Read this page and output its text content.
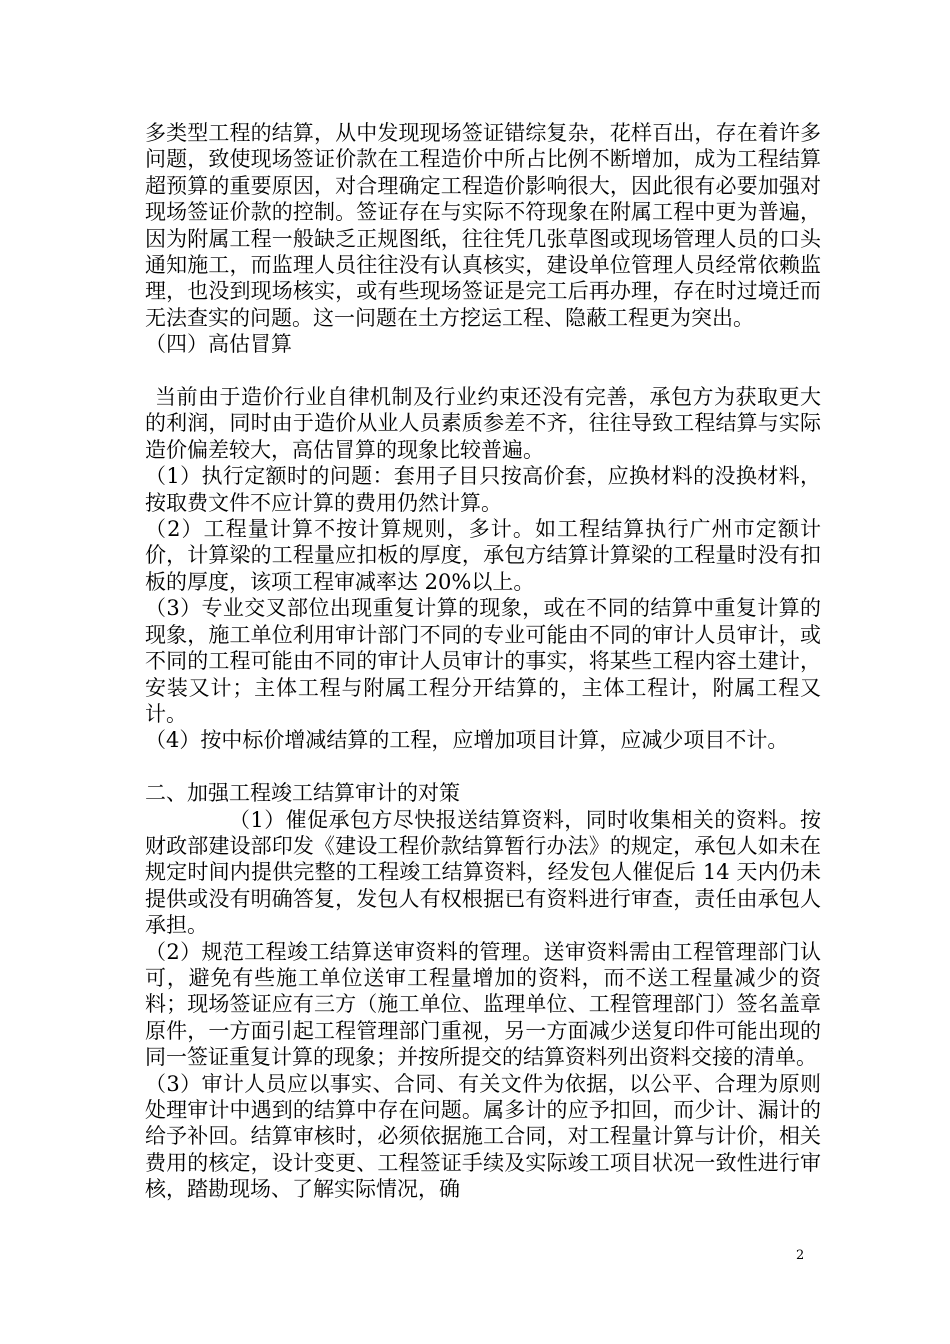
多类型工程的结算，从中发现现场签证错综复杂，花样百出，存在着许多问题，致使现场签证价款在工程造价中所占比例不断增加，成为工程结算超预算的重要原因，对合理确定工程造价影响很大，因此很有必要加强对现场签证价款的控制。签证存在与实际不符现象在附属工程中更为普遍，因为附属工程一般缺乏正规图纸，往往凭几张草图或现场管理人员的口头通知施工，而监理人员往往没有认真核实，建设单位管理人员经常依赖监理，也没到现场核实，或有些现场签证是完工后再办理，存在时过境迁而无法查实的问题。这一问题在土方挖运工程、隐蔽工程更为突出。

（四）高估冒算

当前由于造价行业自律机制及行业约束还没有完善，承包方为获取更大的利润，同时由于造价从业人员素质参差不齐，往往导致工程结算与实际造价偏差较大，高估冒算的现象比较普遍。

（1）执行定额时的问题：套用子目只按高价套，应换材料的没换材料，按取费文件不应计算的费用仍然计算。

（2）工程量计算不按计算规则，多计。如工程结算执行广州市定额计价，计算梁的工程量应扣板的厚度，承包方结算计算梁的工程量时没有扣板的厚度，该项工程审减率达 20%以上。

（3）专业交叉部位出现重复计算的现象，或在不同的结算中重复计算的现象，施工单位利用审计部门不同的专业可能由不同的审计人员审计，或不同的工程可能由不同的审计人员审计的事实，将某些工程内容土建计，安装又计；主体工程与附属工程分开结算的，主体工程计，附属工程又计。

（4）按中标价增减结算的工程，应增加项目计算，应减少项目不计。

二、加强工程竣工结算审计的对策

（1）催促承包方尽快报送结算资料，同时收集相关的资料。按财政部建设部印发《建设工程价款结算暂行办法》的规定，承包人如未在规定时间内提供完整的工程竣工结算资料，经发包人催促后 14 天内仍未提供或没有明确答复，发包人有权根据已有资料进行审查，责任由承包人承担。

（2）规范工程竣工结算送审资料的管理。送审资料需由工程管理部门认可，避免有些施工单位送审工程量增加的资料，而不送工程量减少的资料；现场签证应有三方（施工单位、监理单位、工程管理部门）签名盖章原件，一方面引起工程管理部门重视，另一方面减少送复印件可能出现的同一签证重复计算的现象；并按所提交的结算资料列出资料交接的清单。

（3）审计人员应以事实、合同、有关文件为依据，以公平、合理为原则处理审计中遇到的结算中存在问题。属多计的应予扣回，而少计、漏计的给予补回。结算审核时，必须依据施工合同，对工程量计算与计价，相关费用的核定，设计变更、工程签证手续及实际竣工项目状况一致性进行审核，踏勘现场、了解实际情况，确

2
